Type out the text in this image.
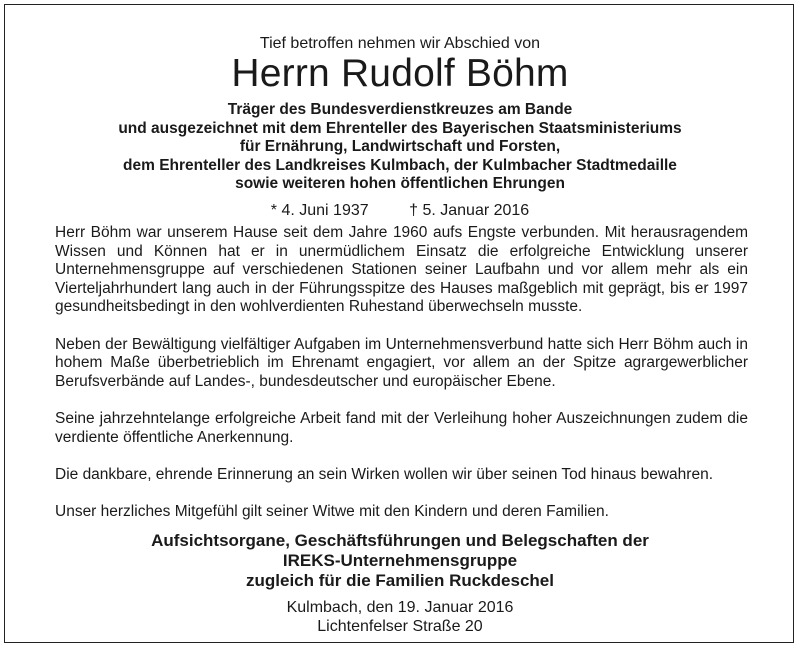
Tief betroffen nehmen wir Abschied von
Herrn Rudolf Böhm
Träger des Bundesverdienstkreuzes am Bande
und ausgezeichnet mit dem Ehrenteller des Bayerischen Staatsministeriums
für Ernährung, Landwirtschaft und Forsten,
dem Ehrenteller des Landkreises Kulmbach, der Kulmbacher Stadtmedaille
sowie weiteren hohen öffentlichen Ehrungen
* 4. Juni 1937	† 5. Januar 2016

Herr Böhm war unserem Hause seit dem Jahre 1960 aufs Engste verbunden. Mit herausragendem Wissen und Können hat er in unermüdlichem Einsatz die erfolgreiche Entwicklung unserer Unternehmensgruppe auf verschiedenen Stationen seiner Laufbahn und vor allem mehr als ein Vierteljahrhundert lang auch in der Führungsspitze des Hauses maßgeblich mit geprägt, bis er 1997 gesundheitsbedingt in den wohlverdienten Ruhestand überwechseln musste.

Neben der Bewältigung vielfältiger Aufgaben im Unternehmensverbund hatte sich Herr Böhm auch in hohem Maße überbetrieblich im Ehrenamt engagiert, vor allem an der Spitze agrargewerblicher Berufsverbände auf Landes-, bundesdeutscher und europäischer Ebene.

Seine jahrzehntelange erfolgreiche Arbeit fand mit der Verleihung hoher Auszeichnungen zudem die verdiente öffentliche Anerkennung.

Die dankbare, ehrende Erinnerung an sein Wirken wollen wir über seinen Tod hinaus bewahren.

Unser herzliches Mitgefühl gilt seiner Witwe mit den Kindern und deren Familien.

Aufsichtsorgane, Geschäftsführungen und Belegschaften der
IREKS-Unternehmensgruppe
zugleich für die Familien Ruckdeschel
Kulmbach, den 19. Januar 2016
Lichtenfelser Straße 20
